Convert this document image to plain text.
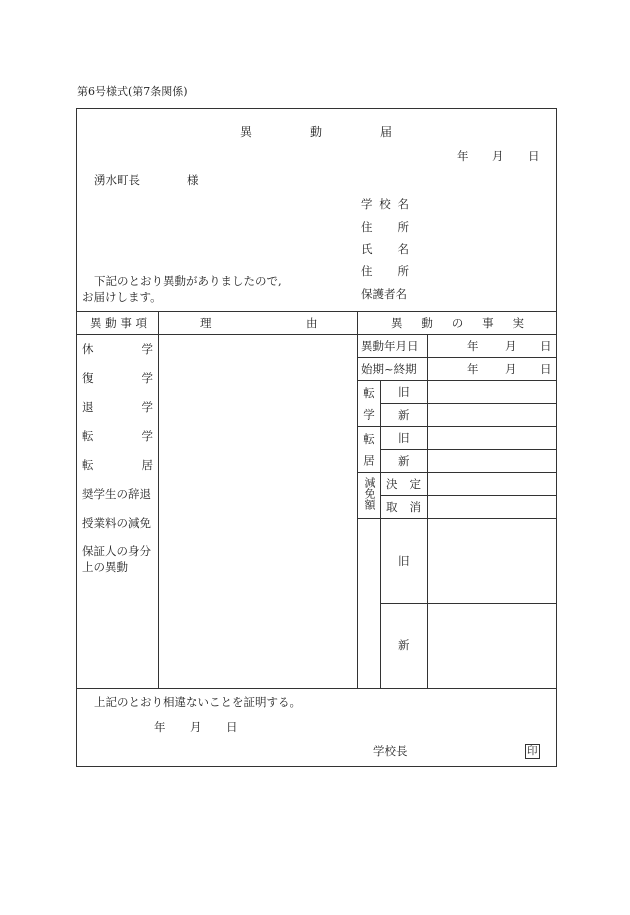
第6号様式(第7条関係)
異	動	届
年 月 日
湧水町長	様
学 校 名
住 所
氏 名
住 所
保護者名
下記のとおり異動がありましたので,
お届けします。
異 動 事 項	理	由	異 動 の 事 実
休	学
復	学
退	学
転	学
転	居
奨学生の辞退
授業料の減免
保証人の身分
上の異動
異動年月日	年 月 日
始期~終期	年 月 日
転学	旧
新
転居	旧
新
減免額 決 定
取 消
旧
新
上記のとおり相違ないことを証明する。
年 月 日
学校長	印
